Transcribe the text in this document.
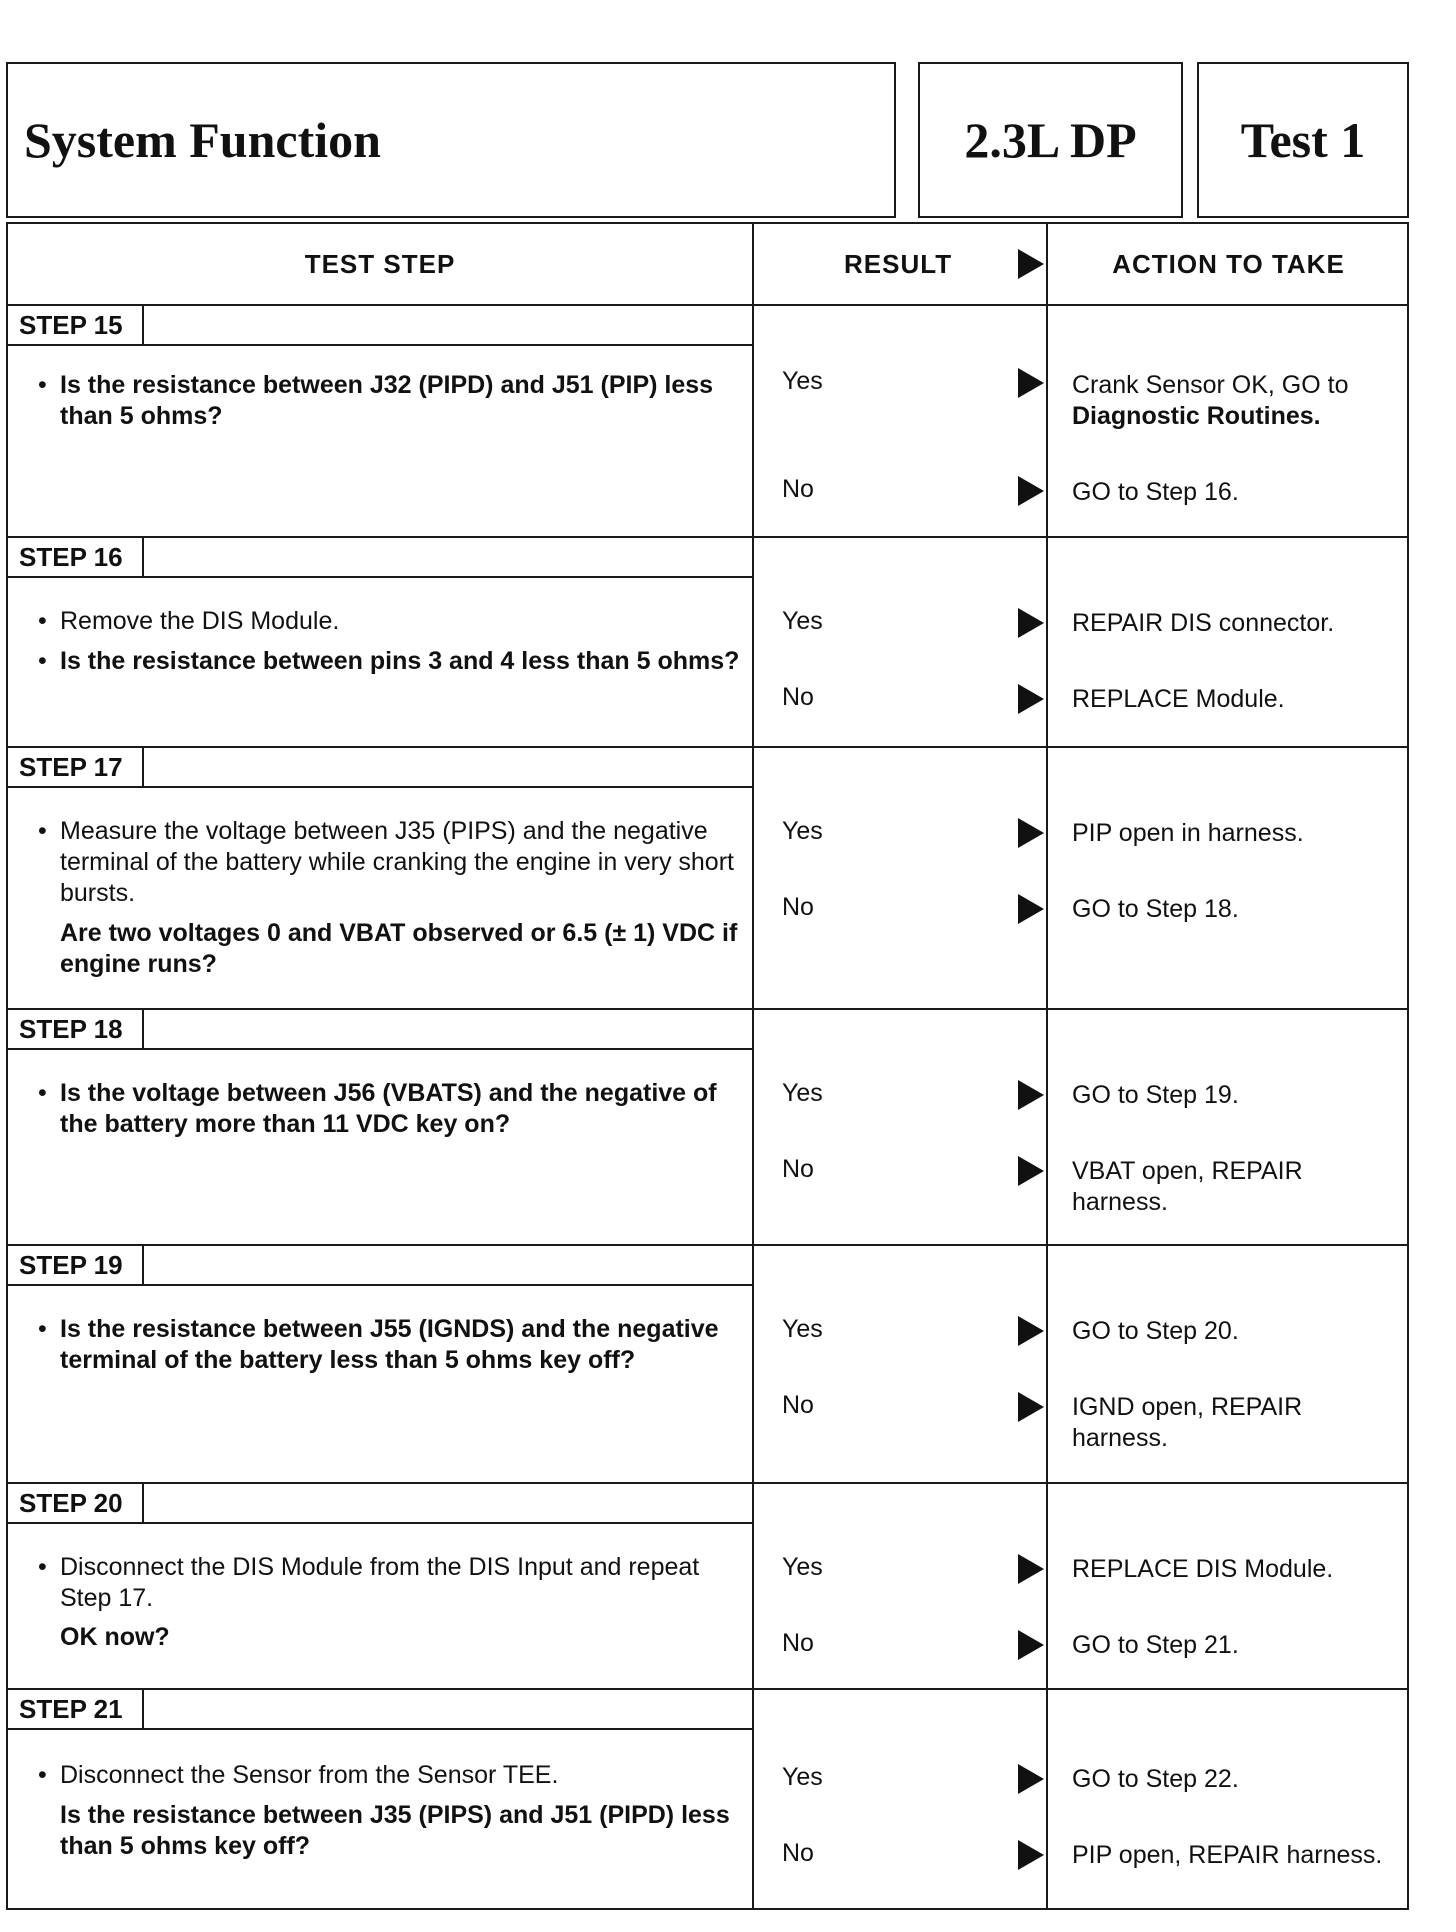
System Function	2.3L DP	Test 1
TEST STEP	RESULT	ACTION TO TAKE
STEP 15
• Is the resistance between J32 (PIPD) and J51 (PIP) less than 5 ohms?
Yes	Crank Sensor OK, GO to Diagnostic Routines.
No	GO to Step 16.
STEP 16
• Remove the DIS Module.
• Is the resistance between pins 3 and 4 less than 5 ohms?
Yes	REPAIR DIS connector.
No	REPLACE Module.
STEP 17
• Measure the voltage between J35 (PIPS) and the negative terminal of the battery while cranking the engine in very short bursts.
Are two voltages 0 and VBAT observed or 6.5 (± 1) VDC if engine runs?
Yes	PIP open in harness.
No	GO to Step 18.
STEP 18
• Is the voltage between J56 (VBATS) and the negative of the battery more than 11 VDC key on?
Yes	GO to Step 19.
No	VBAT open, REPAIR harness.
STEP 19
• Is the resistance between J55 (IGNDS) and the negative terminal of the battery less than 5 ohms key off?
Yes	GO to Step 20.
No	IGND open, REPAIR harness.
STEP 20
• Disconnect the DIS Module from the DIS Input and repeat Step 17.
OK now?
Yes	REPLACE DIS Module.
No	GO to Step 21.
STEP 21
• Disconnect the Sensor from the Sensor TEE.
Is the resistance between J35 (PIPS) and J51 (PIPD) less than 5 ohms key off?
Yes	GO to Step 22.
No	PIP open, REPAIR harness.
